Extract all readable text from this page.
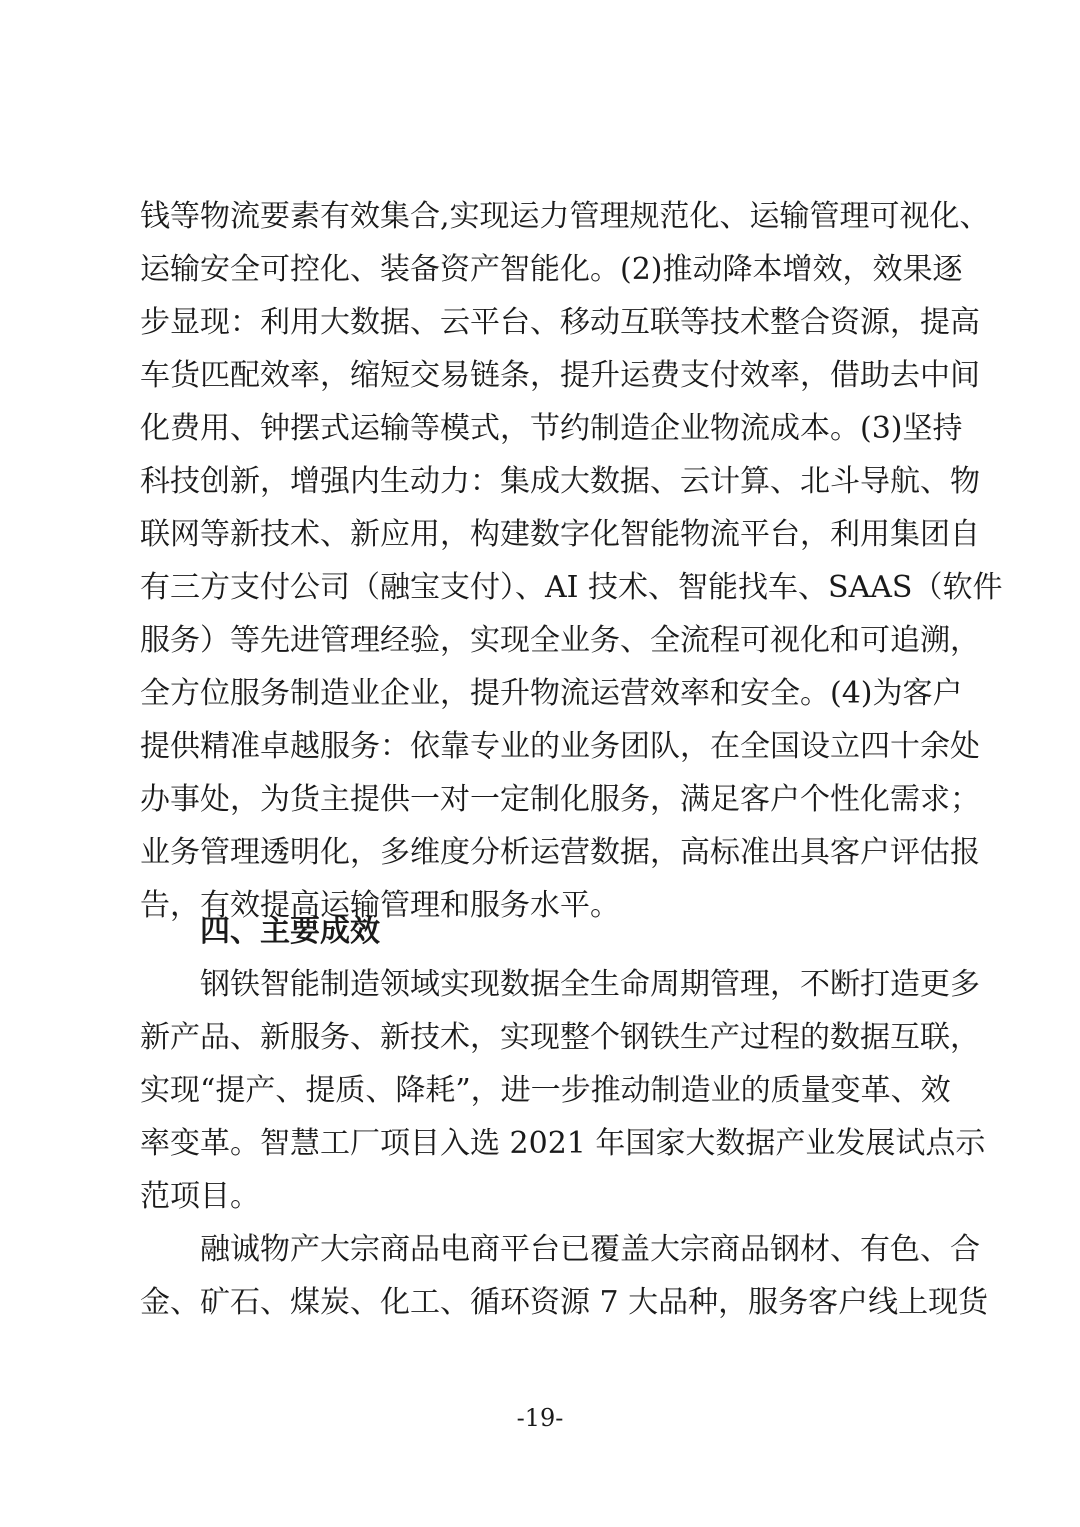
钱等物流要素有效集合,实现运力管理规范化、运输管理可视化、
运输安全可控化、装备资产智能化。(2)推动降本增效，效果逐
步显现：利用大数据、云平台、移动互联等技术整合资源，提高
车货匹配效率，缩短交易链条，提升运费支付效率，借助去中间
化费用、钟摆式运输等模式，节约制造企业物流成本。(3)坚持
科技创新，增强内生动力：集成大数据、云计算、北斗导航、物
联网等新技术、新应用，构建数字化智能物流平台，利用集团自
有三方支付公司（融宝支付）、AI 技术、智能找车、SAAS（软件
服务）等先进管理经验，实现全业务、全流程可视化和可追溯，
全方位服务制造业企业，提升物流运营效率和安全。(4)为客户
提供精准卓越服务：依靠专业的业务团队，在全国设立四十余处
办事处，为货主提供一对一定制化服务，满足客户个性化需求；
业务管理透明化，多维度分析运营数据，高标准出具客户评估报
告，有效提高运输管理和服务水平。
四、主要成效
钢铁智能制造领域实现数据全生命周期管理，不断打造更多
新产品、新服务、新技术，实现整个钢铁生产过程的数据互联，
实现“提产、提质、降耗”，进一步推动制造业的质量变革、效
率变革。智慧工厂项目入选 2021 年国家大数据产业发展试点示
范项目。
融诚物产大宗商品电商平台已覆盖大宗商品钢材、有色、合
金、矿石、煤炭、化工、循环资源 7 大品种，服务客户线上现货
-19-
